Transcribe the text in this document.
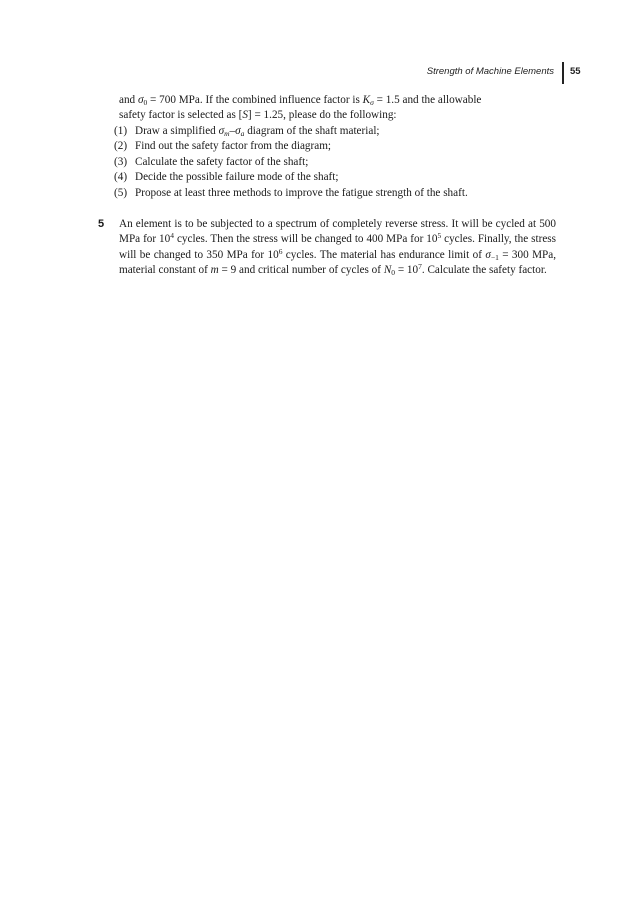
Strength of Machine Elements 55

and $\sigma_0 = 700$ MPa. If the combined influence factor is $K_\sigma = 1.5$ and the allowable

safety factor is selected as [S] = 1.25, please do the following:

(1) Draw a simplified $\sigma_m-\sigma_a$ diagram of the shaft material;
(2) Find out the safety factor from the diagram;
(3) Calculate the safety factor of the shaft;
(4) Decide the possible failure mode of the shaft;
(5) Propose at least three methods to improve the fatigue strength of the shaft.
5 An element is to be subjected to a spectrum of completely reverse stress. It will be cycled at 500 MPa for $10^4$ cycles. Then the stress will be changed to 400 MPa for $10^5$ cycles. Finally, the stress will be changed to 350 MPa for $10^6$ cycles. The material has endurance limit of $\sigma_{-1} = 300$ MPa, material constant of m = 9 and critical number of cycles of $N_0 = 10^7$. Calculate the safety factor.
